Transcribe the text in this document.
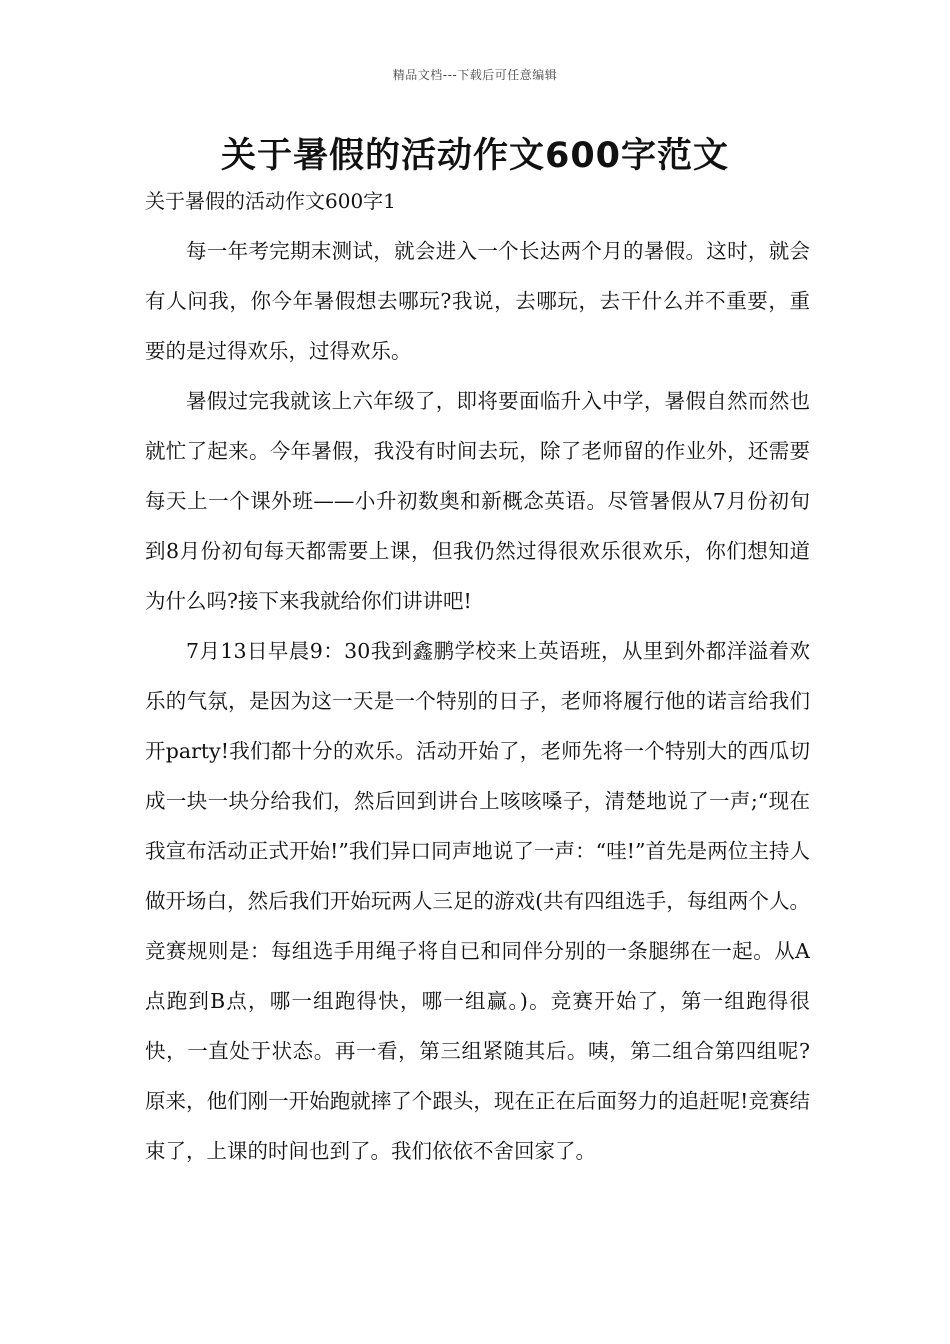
精品文档---下载后可任意编辑
关于暑假的活动作文600字范文
关于暑假的活动作文600字1

每一年考完期末测试，就会进入一个长达两个月的暑假。这时，就会有人问我，你今年暑假想去哪玩?我说，去哪玩，去干什么并不重要，重要的是过得欢乐，过得欢乐。

暑假过完我就该上六年级了，即将要面临升入中学，暑假自然而然也就忙了起来。今年暑假，我没有时间去玩，除了老师留的作业外，还需要每天上一个课外班——小升初数奥和新概念英语。尽管暑假从7月份初旬到8月份初旬每天都需要上课，但我仍然过得很欢乐很欢乐，你们想知道为什么吗?接下来我就给你们讲讲吧!

7月13日早晨9：30我到鑫鹏学校来上英语班，从里到外都洋溢着欢乐的气氛，是因为这一天是一个特别的日子，老师将履行他的诺言给我们开party!我们都十分的欢乐。活动开始了，老师先将一个特别大的西瓜切成一块一块分给我们，然后回到讲台上咳咳嗓子，清楚地说了一声;“现在我宣布活动正式开始!”我们异口同声地说了一声：“哇!”首先是两位主持人做开场白，然后我们开始玩两人三足的游戏(共有四组选手，每组两个人。竞赛规则是：每组选手用绳子将自已和同伴分别的一条腿绑在一起。从A点跑到B点，哪一组跑得快，哪一组赢。)。竞赛开始了，第一组跑得很快，一直处于状态。再一看，第三组紧随其后。咦，第二组合第四组呢?原来，他们刚一开始跑就摔了个跟头，现在正在后面努力的追赶呢!竞赛结束了，上课的时间也到了。我们依依不舍回家了。
